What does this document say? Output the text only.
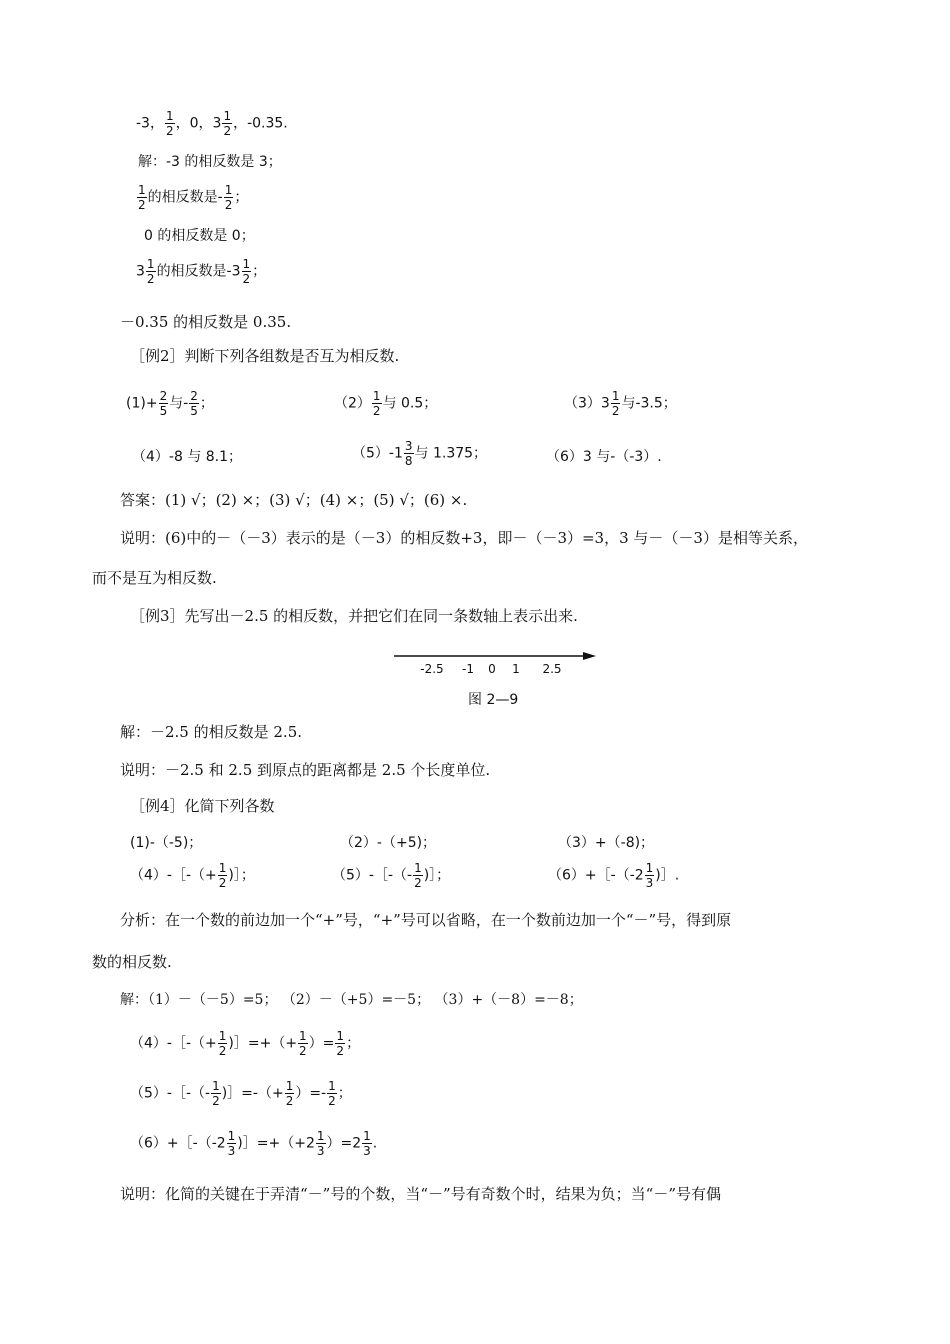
-3， $\frac{1}{2}$ ，0，$3 \frac{1}{2}$ ，-0.35.
解：-3 的相反数是 3；
$\frac{1}{2}$ 的相反数是- $\frac{1}{2}$ ；
0 的相反数是 0；
$3 \frac{1}{2}$ 的相反数是$-3 \frac{1}{2}$ ；
－0.35 的相反数是 0.35.
［例2］判断下列各组数是否互为相反数.
$(1)+ \frac{2}{5}$ 与- $\frac{2}{5}$ ；	$(2) \frac{1}{2}$ 与 0.5；	$(3)3 \frac{1}{2}$ 与-3.5；
（4）-8 与 8.1；	$(5)-1 \frac{3}{8}$ 与 1.375；	（6）3 与-（-3）.
答案：(1) √；(2) ×；(3) √；(4) ×；(5) √；(6) ×.
说明：(6)中的－（－3）表示的是（－3）的相反数+3，即－（－3）=3，3 与－（－3）是相等关系，
而不是互为相反数.
［例3］先写出－2.5 的相反数，并把它们在同一条数轴上表示出来.
-2.5 -1 0 1 2.5
图 2—9
解：－2.5 的相反数是 2.5.
说明：－2.5 和 2.5 到原点的距离都是 2.5 个长度单位.
［例4］化简下列各数
(1)-（-5)；	（2）-（+5)；	（3）+（-8)；
（4）-［-（+ $\frac{1}{2}$ )］；	（5）-［-（- $\frac{1}{2}$ )］；	（6）+［-（-2 $\frac{1}{3}$ )］.
分析：在一个数的前边加一个“+”号，“+”号可以省略，在一个数前边加一个“－”号，得到原
数的相反数.
解：（1）－（－5）=5； （2）－（+5）=－5； （3）+（－8）=－8；
（4）-［-（+ $\frac{1}{2}$ )］=+（+ $\frac{1}{2}$ ）= $\frac{1}{2}$ ；
（5）-［-（- $\frac{1}{2}$ )］=-（+ $\frac{1}{2}$ ）=- $\frac{1}{2}$ ；
（6）+［-（-2 $\frac{1}{3}$ )］=+（+2 $\frac{1}{3} )=2 \frac{1}{3}$ .
说明：化简的关键在于弄清“－”号的个数，当“－”号有奇数个时，结果为负；当“－”号有偶
